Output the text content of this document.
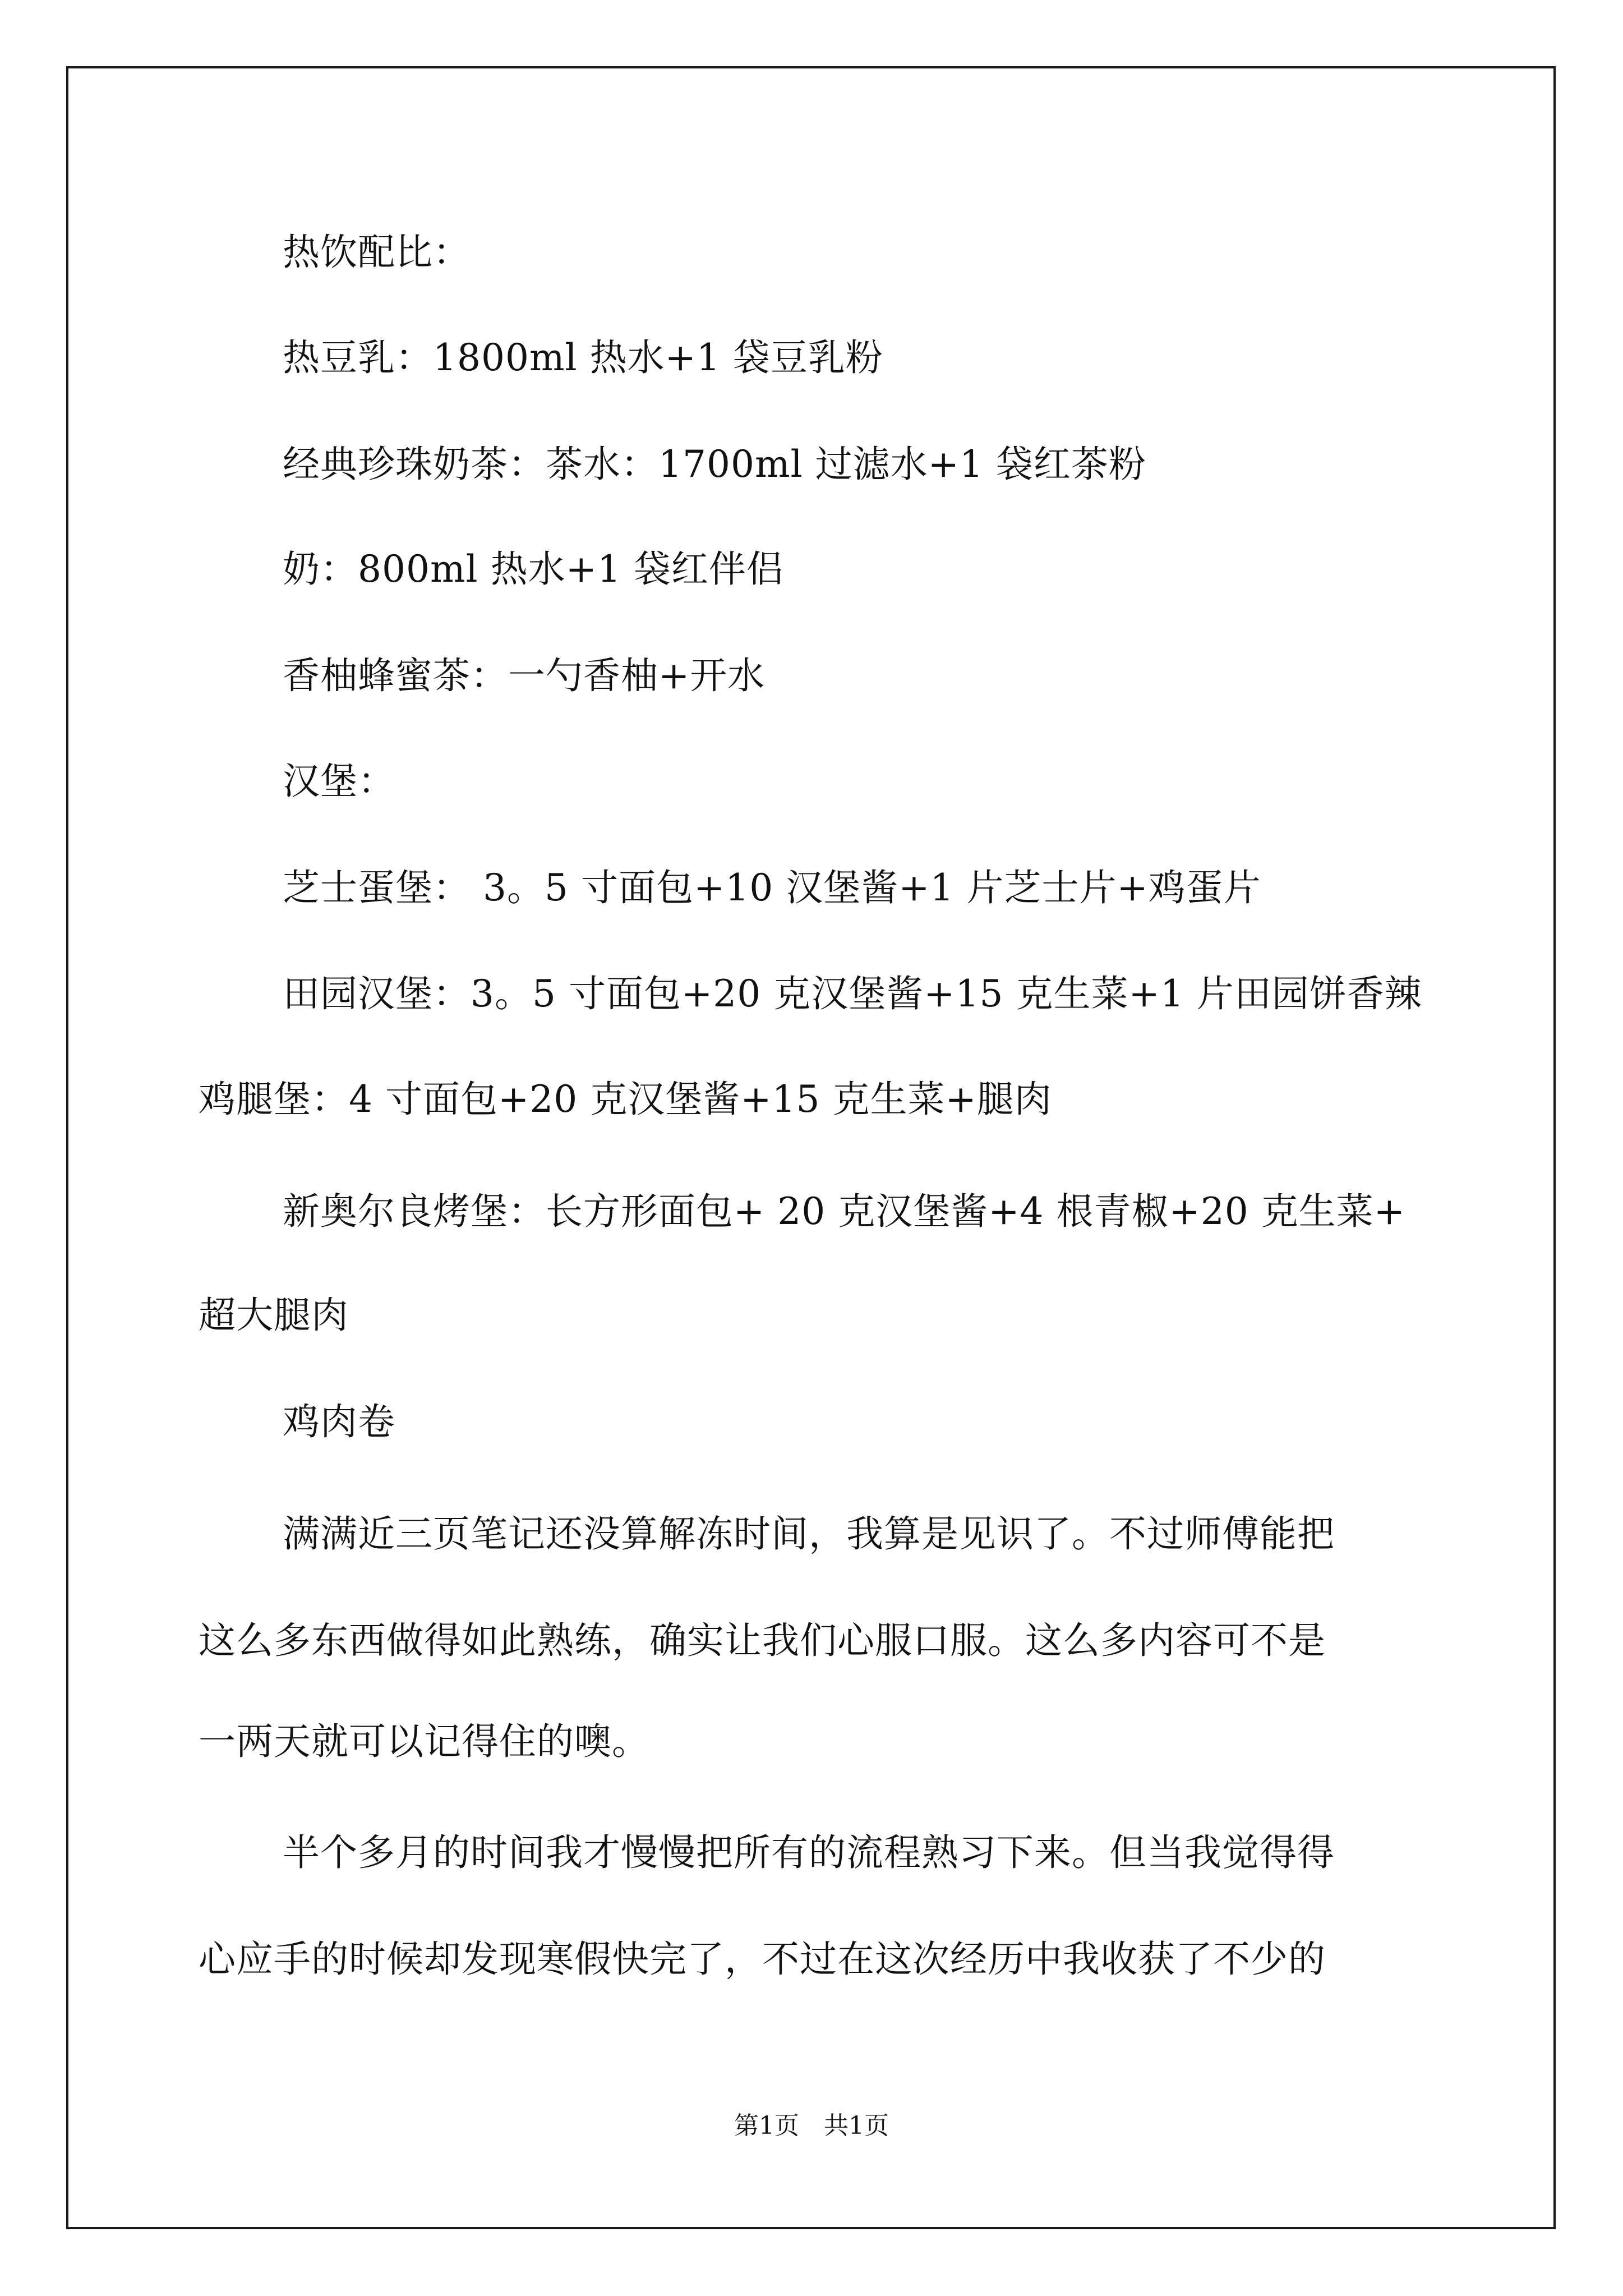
热饮配比：
热豆乳：1800ml 热水+1 袋豆乳粉
经典珍珠奶茶：茶水：1700ml 过滤水+1 袋红茶粉
奶：800ml 热水+1 袋红伴侣
香柚蜂蜜茶：一勺香柚+开水
汉堡：
芝士蛋堡： 3。5 寸面包+10 汉堡酱+1 片芝士片+鸡蛋片
田园汉堡：3。5 寸面包+20 克汉堡酱+15 克生菜+1 片田园饼香辣
鸡腿堡：4 寸面包+20 克汉堡酱+15 克生菜+腿肉
新奥尔良烤堡：长方形面包+ 20 克汉堡酱+4 根青椒+20 克生菜+
超大腿肉
鸡肉卷
满满近三页笔记还没算解冻时间，我算是见识了。不过师傅能把
这么多东西做得如此熟练，确实让我们心服口服。这么多内容可不是
一两天就可以记得住的噢。
半个多月的时间我才慢慢把所有的流程熟习下来。但当我觉得得
心应手的时候却发现寒假快完了，不过在这次经历中我收获了不少的
第1页　共1页
